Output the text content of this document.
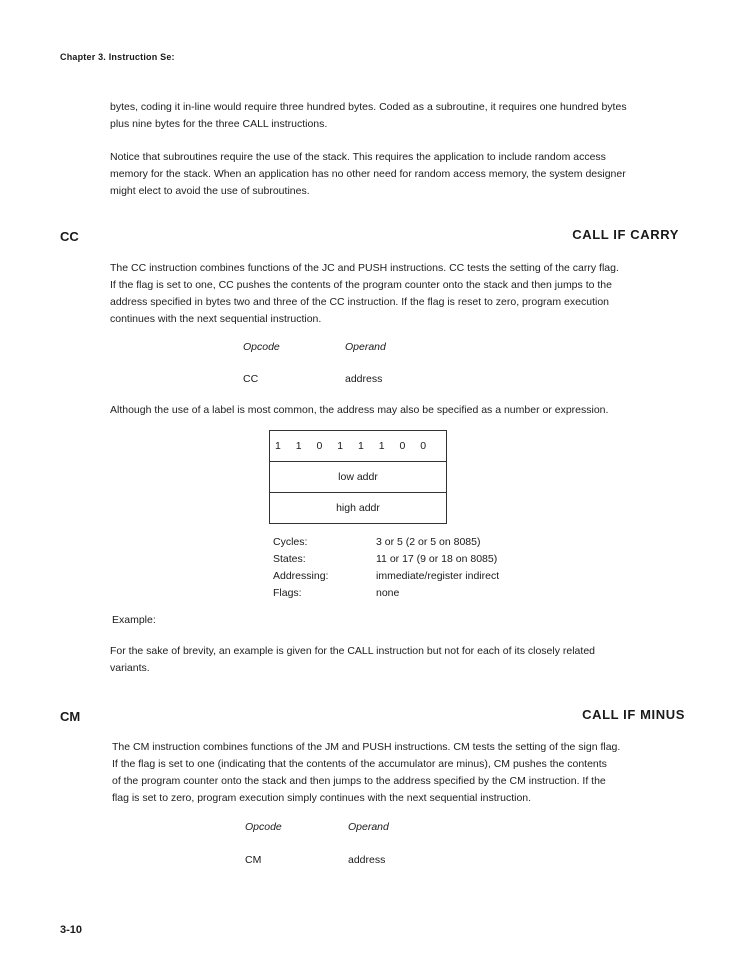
Chapter 3. Instruction Se:

bytes, coding it in-line would require three hundred bytes. Coded as a subroutine, it requires one hundred bytes

plus nine bytes for the three CALL instructions.

Notice that subroutines require the use of the stack. This requires the application to include random access

memory for the stack. When an application has no other need for random access memory, the system designer

might elect to avoid the use of subroutines.

CC	CALL IF CARRY

The CC instruction combines functions of the JC and PUSH instructions. CC tests the setting of the carry flag.

If the flag is set to one, CC pushes the contents of the program counter onto the stack and then jumps to the

address specified in bytes two and three of the CC instruction. If the flag is reset to zero, program execution

continues with the next sequential instruction.

Opcode	Operand
CC	address
Although the use of a label is most common, the address may also be specified as a number or expression.
1	1	0	1	1	1	0	0
low addr
high addr
Cycles:	3 or 5 (2 or 5 on 8085)
States:	11 or 17 (9 or 18 on 8085)
Addressing:	immediate/register indirect
Flags:	none
Example:

For the sake of brevity, an example is given for the CALL instruction but not for each of its closely related

variants.

CM	CALL IF MINUS

The CM instruction combines functions of the JM and PUSH instructions. CM tests the setting of the sign flag.

If the flag is set to one (indicating that the contents of the accumulator are minus), CM pushes the contents

of the program counter onto the stack and then jumps to the address specified by the CM instruction. If the

flag is set to zero, program execution simply continues with the next sequential instruction.

Opcode	Operand
CM	address
3-10
